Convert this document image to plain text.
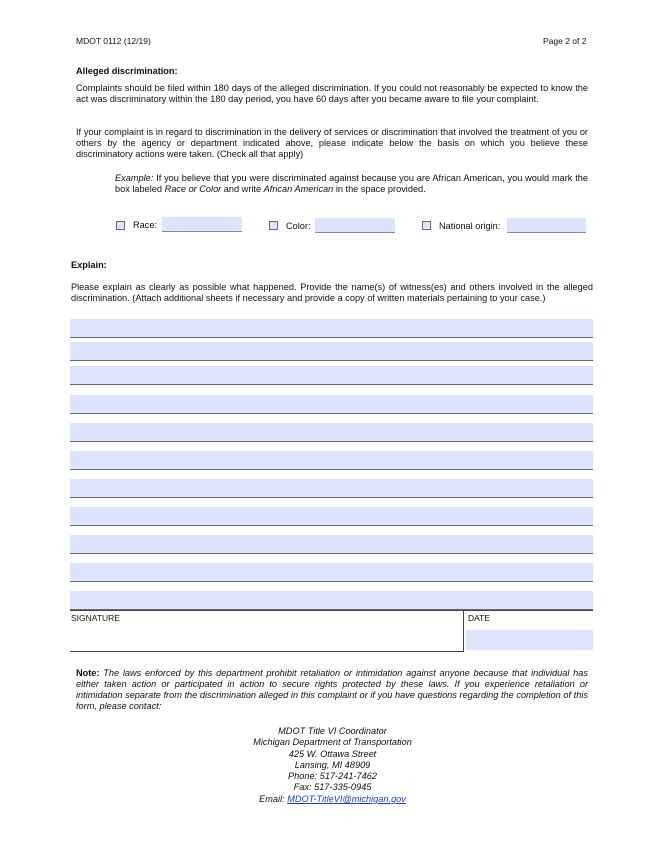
MDOT 0112 (12/19)	Page 2 of 2
Alleged discrimination:
Complaints should be filed within 180 days of the alleged discrimination. If you could not reasonably be expected to know the act was discriminatory within the 180 day period, you have 60 days after you became aware to file your complaint.
If your complaint is in regard to discrimination in the delivery of services or discrimination that involved the treatment of you or others by the agency or department indicated above, please indicate below the basis on which you believe these discriminatory actions were taken. (Check all that apply)
Example: If you believe that you were discriminated against because you are African American, you would mark the box labeled Race or Color and write African American in the space provided.
Race:	Color:	National origin:
Explain:
Please explain as clearly as possible what happened. Provide the name(s) of witness(es) and others involved in the alleged discrimination. (Attach additional sheets if necessary and provide a copy of written materials pertaining to your case.)
SIGNATURE	DATE
Note: The laws enforced by this department prohibit retaliation or intimidation against anyone because that individual has either taken action or participated in action to secure rights protected by these laws. If you experience retaliation or intimidation separate from the discrimination alleged in this complaint or if you have questions regarding the completion of this form, please contact:
MDOT Title VI Coordinator
Michigan Department of Transportation
425 W. Ottawa Street
Lansing, MI 48909
Phone: 517-241-7462
Fax: 517-335-0945
Email: MDOT-TitleVI@michigan.gov
